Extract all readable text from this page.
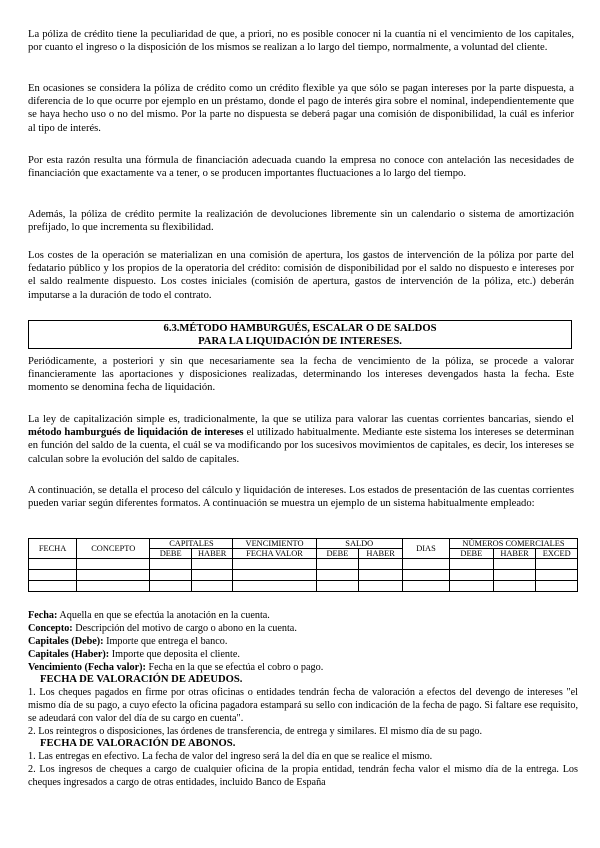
La póliza de crédito tiene la peculiaridad de que, a priori, no es posible conocer ni la cuantía ni el vencimiento de los capitales, por cuanto el ingreso o la disposición de los mismos se realizan a lo largo del tiempo, normalmente, a voluntad del cliente.

En ocasiones se considera la póliza de crédito como un crédito flexible ya que sólo se pagan intereses por la parte dispuesta, a diferencia de lo que ocurre por ejemplo en un préstamo, donde el pago de interés gira sobre el nominal, independientemente que se haya hecho uso o no del mismo. Por la parte no dispuesta se deberá pagar una comisión de disponibilidad, la cuál es inferior al tipo de interés.

Por esta razón resulta una fórmula de financiación adecuada cuando la empresa no conoce con antelación las necesidades de financiación que exactamente va a tener, o se producen importantes fluctuaciones a lo largo del tiempo.

Además, la póliza de crédito permite la realización de devoluciones libremente sin un calendario o sistema de amortización prefijado, lo que incrementa su flexibilidad.

Los costes de la operación se materializan en una comisión de apertura, los gastos de intervención de la póliza por parte del fedatario público y los propios de la operatoria del crédito: comisión de disponibilidad por el saldo no dispuesto e intereses por el saldo realmente dispuesto. Los costes iniciales (comisión de apertura, gastos de intervención de la póliza, etc.) deberán imputarse a la duración de todo el contrato.

6.3.MÉTODO HAMBURGUÉS, ESCALAR O DE SALDOS
PARA LA LIQUIDACIÓN DE INTERESES.

Periódicamente, a posteriori y sin que necesariamente sea la fecha de vencimiento de la póliza, se procede a valorar financieramente las aportaciones y disposiciones realizadas, determinando los intereses devengados hasta la fecha. Este momento se denomina fecha de liquidación.

La ley de capitalización simple es, tradicionalmente, la que se utiliza para valorar las cuentas corrientes bancarias, siendo el método hamburgués de liquidación de intereses el utilizado habitualmente. Mediante este sistema los intereses se determinan en función del saldo de la cuenta, el cuál se va modificando por los sucesivos movimientos de capitales, es decir, los intereses se calculan sobre la evolución del saldo de capitales.

A continuación, se detalla el proceso del cálculo y liquidación de intereses. Los estados de presentación de las cuentas corrientes pueden variar según diferentes formatos. A continuación se muestra un ejemplo de un sistema habitualmente empleado:

FECHA	CONCEPTO	CAPITALES		VENCIMIENTO	SALDO		DIAS	NÚMEROS COMERCIALES		
		DEBE	HABER	FECHA VALOR	DEBE	HABER		DEBE	HABER	EXCED

Fecha: Aquella en que se efectúa la anotación en la cuenta.
Concepto: Descripción del motivo de cargo o abono en la cuenta.
Capitales (Debe): Importe que entrega el banco.
Capitales (Haber): Importe que deposita el cliente.
Vencimiento (Fecha valor): Fecha en la que se efectúa el cobro o pago.
FECHA DE VALORACIÓN DE ADEUDOS.
1. Los cheques pagados en firme por otras oficinas o entidades tendrán fecha de valoración a efectos del devengo de intereses "el mismo día de su pago, a cuyo efecto la oficina pagadora estampará su sello con indicación de la fecha de pago. Si faltare ese requisito, se adeudará con valor del día de su cargo en cuenta".
2. Los reintegros o disposiciones, las órdenes de transferencia, de entrega y similares. El mismo día de su pago.
FECHA DE VALORACIÓN DE ABONOS.
1. Las entregas en efectivo. La fecha de valor del ingreso será la del día en que se realice el mismo.
2. Los ingresos de cheques a cargo de cualquier oficina de la propia entidad, tendrán fecha valor el mismo día de la entrega. Los cheques ingresados a cargo de otras entidades, incluido Banco de España
